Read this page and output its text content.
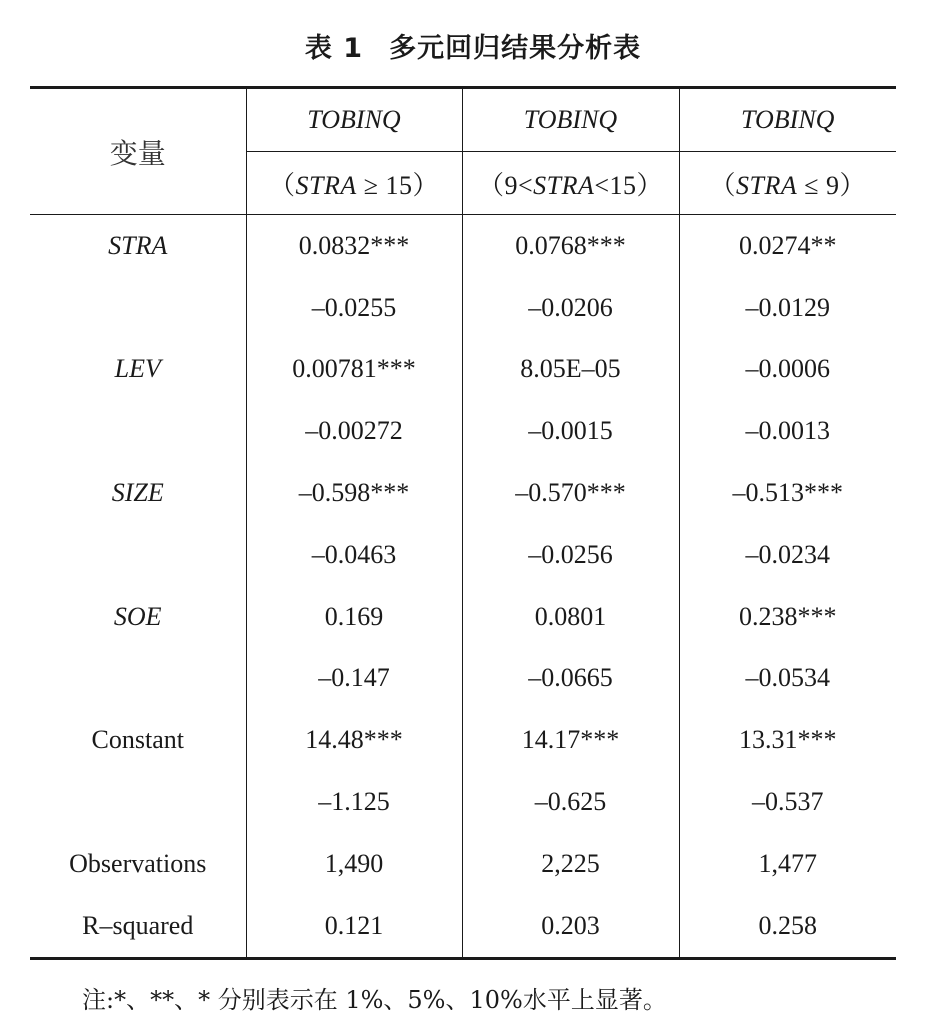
表 1 多元回归结果分析表
变量	TOBINQ	TOBINQ	TOBINQ
	（STRA ≥ 15）	（9<STRA<15）	（STRA ≤ 9）
STRA	0.0832***	0.0768***	0.0274**
	–0.0255	–0.0206	–0.0129
LEV	0.00781***	8.05E–05	–0.0006
	–0.00272	–0.0015	–0.0013
SIZE	–0.598***	–0.570***	–0.513***
	–0.0463	–0.0256	–0.0234
SOE	0.169	0.0801	0.238***
	–0.147	–0.0665	–0.0534
Constant	14.48***	14.17***	13.31***
	–1.125	–0.625	–0.537
Observations	1,490	2,225	1,477
R–squared	0.121	0.203	0.258
注:*、**、* 分别表示在 1%、5%、10%水平上显著。
